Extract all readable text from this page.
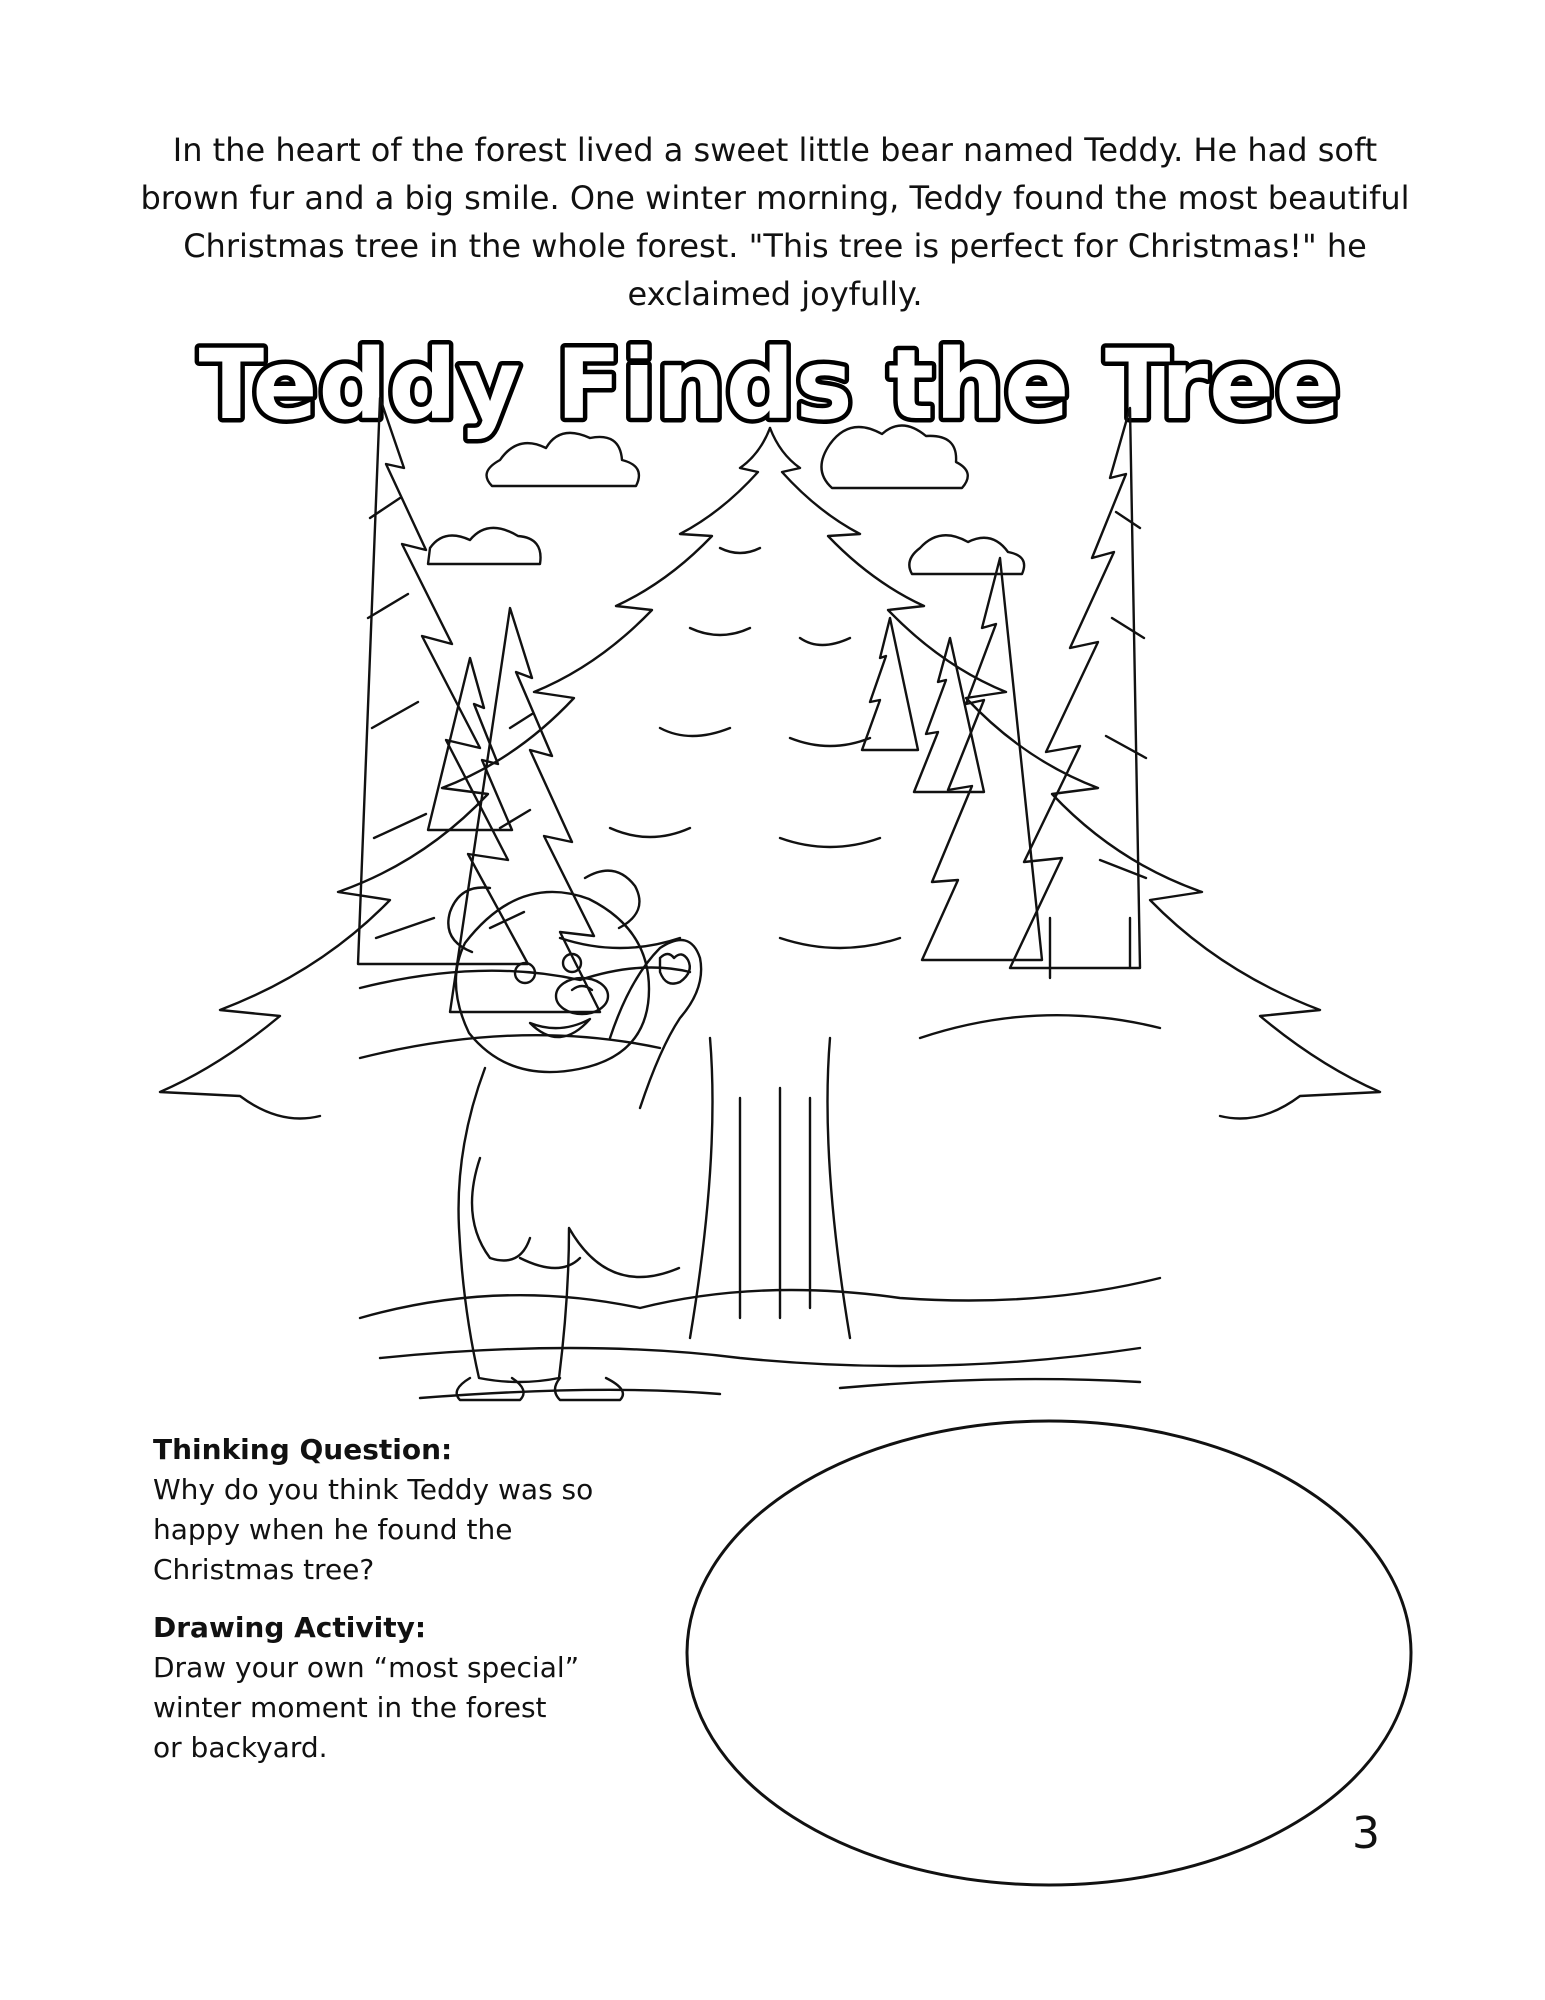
In the heart of the forest lived a sweet little bear named Teddy. He had soft brown fur and a big smile. One winter morning, Teddy found the most beautiful Christmas tree in the whole forest. "This tree is perfect for Christmas!" he exclaimed joyfully.

Teddy Finds the Tree

Thinking Question:

Why do you think Teddy was so
happy when he found the
Christmas tree?

Drawing Activity:

Draw your own “most special”
winter moment in the forest
or backyard.

3
